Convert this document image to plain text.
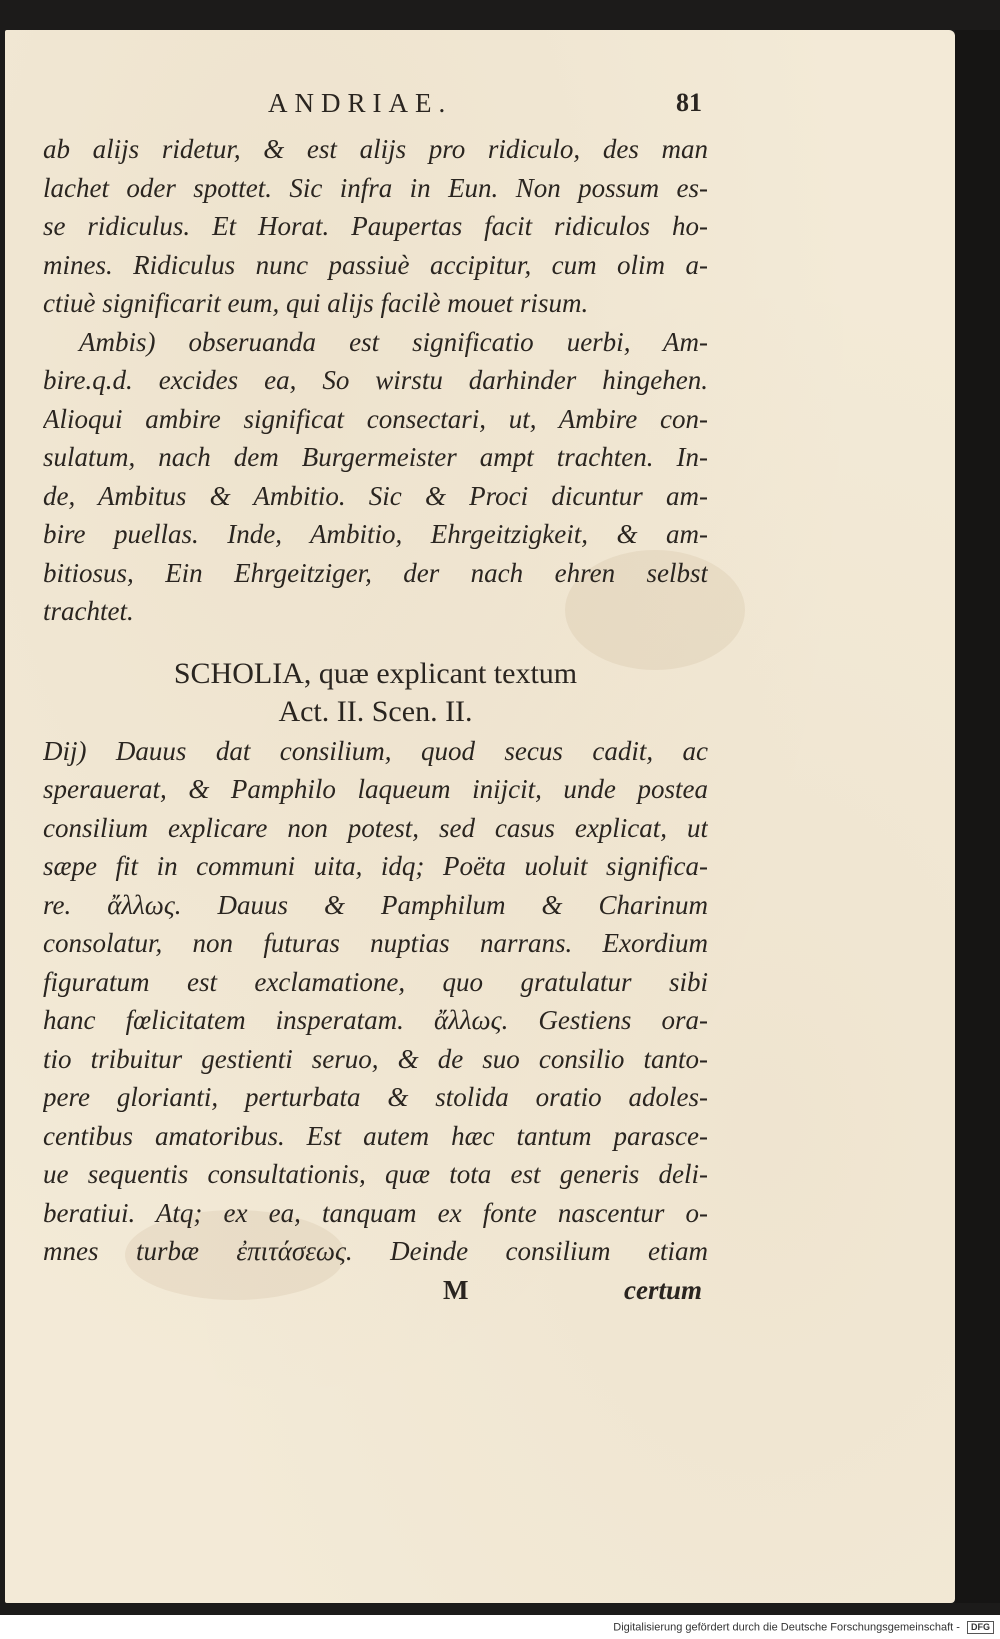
ANDRIAE.	81
ab alijs ridetur, & est alijs pro ridiculo, des man
lachet oder spottet. Sic infra in Eun. Non possum es-
se ridiculus. Et Horat. Paupertas facit ridiculos ho-
mines. Ridiculus nunc passiuè accipitur, cum olim a-
ctiuè significarit eum, qui alijs facilè mouet risum.
Ambis) obseruanda est significatio uerbi, Am-
bire.q.d. excides ea, So wirstu darhinder hingehen.
Alioqui ambire significat consectari, ut, Ambire con-
sulatum, nach dem Burgermeister ampt trachten. In-
de, Ambitus & Ambitio. Sic & Proci dicuntur am-
bire puellas. Inde, Ambitio, Ehrgeitzigkeit, & am-
bitiosus, Ein Ehrgeitziger, der nach ehren selbst
trachtet.
SCHOLIA, quæ explicant textum
Act. II. Scen. II.
Dij) Dauus dat consilium, quod secus cadit, ac
sperauerat, & Pamphilo laqueum inijcit, unde postea
consilium explicare non potest, sed casus explicat, ut
sæpe fit in communi uita, idq; Poëta uoluit significa-
re. ἄλλως. Dauus & Pamphilum & Charinum
consolatur, non futuras nuptias narrans. Exordium
figuratum est exclamatione, quo gratulatur sibi
hanc fœlicitatem insperatam. ἄλλως. Gestiens ora-
tio tribuitur gestienti seruo, & de suo consilio tanto-
pere glorianti, perturbata & stolida oratio adoles-
centibus amatoribus. Est autem hæc tantum parasce-
ue sequentis consultationis, quæ tota est generis deli-
beratiui. Atq; ex ea, tanquam ex fonte nascentur o-
mnes turbæ ἐπιτάσεως. Deinde consilium etiam
M	certum
Digitalisierung gefördert durch die Deutsche Forschungsgemeinschaft - DFG
